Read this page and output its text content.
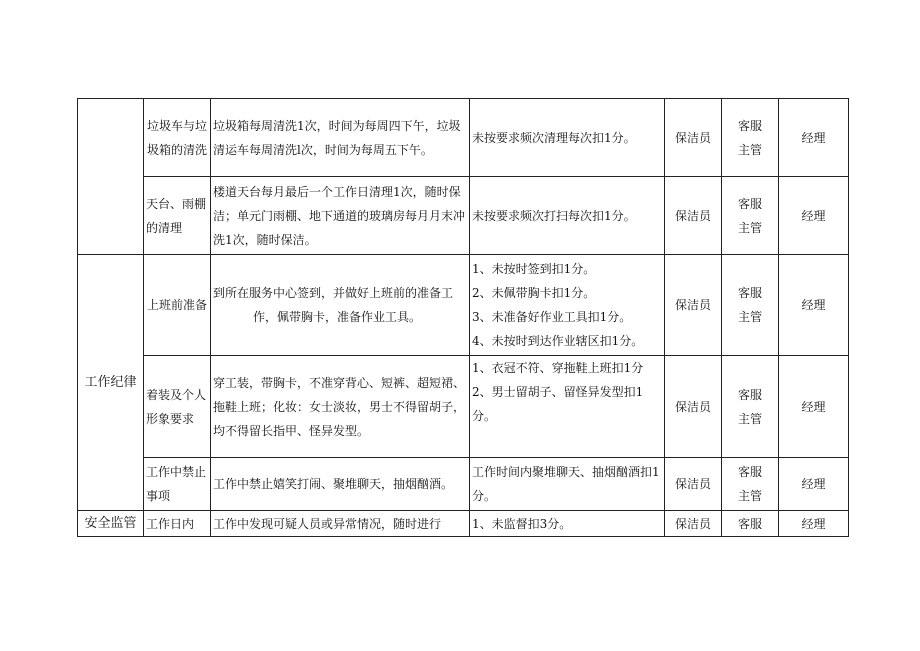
	垃圾车与垃圾箱的清洗	垃圾箱每周清洗1次，时间为每周四下午，垃圾清运车每周清洗l次，时间为每周五下午。	未按要求频次清理每次扣1分。	保洁员	客服主管	经理
	天台、雨棚的清理	楼道天台每月最后一个工作日清理1次，随时保洁；单元门雨棚、地下通道的玻璃房每月月末冲洗1次，随时保洁。	未按要求频次打扫每次扣1分。	保洁员	客服主管	经理
工作纪律	上班前准备	到所在服务中心签到，并做好上班前的准备工
作，佩带胸卡，准备作业工具。	1、未按时签到扣1分。
2、未佩带胸卡扣1分。
3、未准备好作业工具扣1分。
4、未按时到达作业辖区扣1分。	保洁员	客服主管	经理
	着装及个人形象要求	穿工装，带胸卡，不准穿背心、短裤、超短裙、拖鞋上班；化妆：女士淡妆，男士不得留胡子，均不得留长指甲、怪异发型。	1、衣冠不符、穿拖鞋上班扣1分
2、男士留胡子、留怪异发型扣1分。	保洁员	客服主管	经理
	工作中禁止事项	工作中禁止嬉笑打闹、聚堆聊天，抽烟酗酒。	工作时间内聚堆聊天、抽烟酗酒扣1分。	保洁员	客服主管	经理
安全监管	工作日内	工作中发现可疑人员或异常情况，随时进行	1、未监督扣3分。	保洁员	客服	经理
